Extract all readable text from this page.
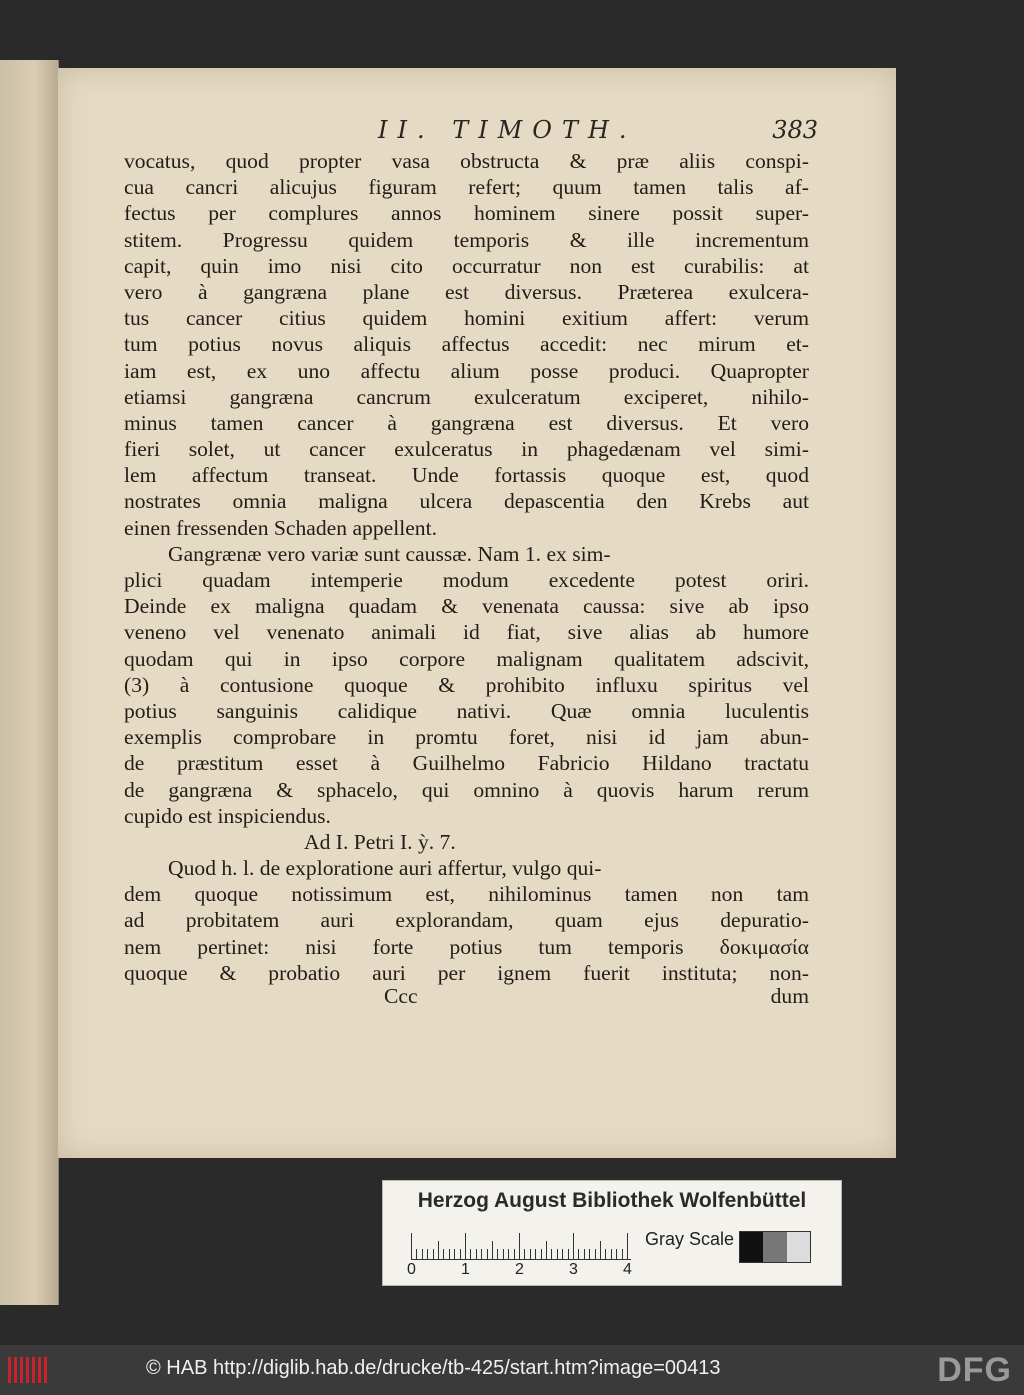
II. TIMOTH.	383
vocatus, quod propter vasa obstructa & præ aliis conspi-
cua cancri alicujus figuram refert; quum tamen talis af-
fectus per complures annos hominem sinere possit super-
stitem. Progressu quidem temporis & ille incrementum
capit, quin imo nisi cito occurratur non est curabilis: at
vero à gangræna plane est diversus. Præterea exulcera-
tus cancer citius quidem homini exitium affert: verum
tum potius novus aliquis affectus accedit: nec mirum et-
iam est, ex uno affectu alium posse produci. Quapropter
etiamsi gangræna cancrum exulceratum exciperet, nihilo-
minus tamen cancer à gangræna est diversus. Et vero
fieri solet, ut cancer exulceratus in phagedænam vel simi-
lem affectum transeat. Unde fortassis quoque est, quod
nostrates omnia maligna ulcera depascentia den Krebs aut
einen fressenden Schaden appellent.
Gangrænæ vero variæ sunt caussæ. Nam 1. ex sim-
plici quadam intemperie modum excedente potest oriri.
Deinde ex maligna quadam & venenata caussa: sive ab ipso
veneno vel venenato animali id fiat, sive alias ab humore
quodam qui in ipso corpore malignam qualitatem adscivit,
(3) à contusione quoque & prohibito influxu spiritus vel
potius sanguinis calidique nativi. Quæ omnia luculentis
exemplis comprobare in promtu foret, nisi id jam abun-
de præstitum esset à Guilhelmo Fabricio Hildano tractatu
de gangræna & sphacelo, qui omnino à quovis harum rerum
cupido est inspiciendus.
Ad I. Petri I. ỳ. 7.
Quod h. l. de exploratione auri affertur, vulgo qui-
dem quoque notissimum est, nihilominus tamen non tam
ad probitatem auri explorandam, quam ejus depuratio-
nem pertinet: nisi forte potius tum temporis δοκιμασία
quoque & probatio auri per ignem fuerit instituta; non-
Ccc	dum
Herzog August Bibliothek Wolfenbüttel
0	1	2	3	4
Gray Scale
© HAB http://diglib.hab.de/drucke/tb-425/start.htm?image=00413	DFG
